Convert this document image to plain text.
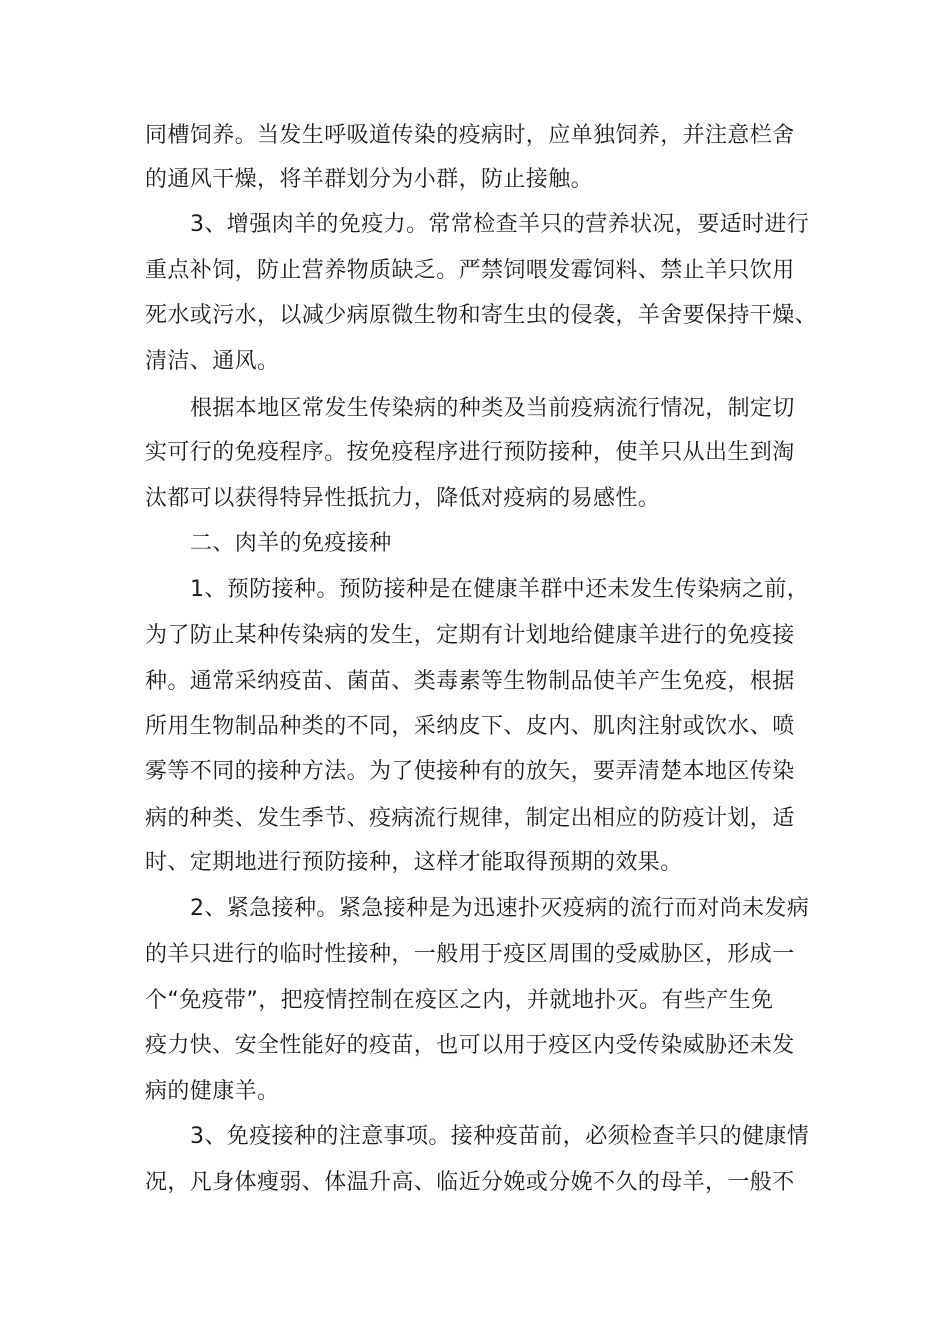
同槽饲养。当发生呼吸道传染的疫病时，应单独饲养，并注意栏舍

的通风干燥，将羊群划分为小群，防止接触。

3、增强肉羊的免疫力。常常检查羊只的营养状况，要适时进行

重点补饲，防止营养物质缺乏。严禁饲喂发霉饲料、禁止羊只饮用

死水或污水，以减少病原微生物和寄生虫的侵袭，羊舍要保持干燥、

清洁、通风。

根据本地区常发生传染病的种类及当前疫病流行情况，制定切

实可行的免疫程序。按免疫程序进行预防接种，使羊只从出生到淘

汰都可以获得特异性抵抗力，降低对疫病的易感性。

二、肉羊的免疫接种

1、预防接种。预防接种是在健康羊群中还未发生传染病之前，

为了防止某种传染病的发生，定期有计划地给健康羊进行的免疫接

种。通常采纳疫苗、菌苗、类毒素等生物制品使羊产生免疫，根据

所用生物制品种类的不同，采纳皮下、皮内、肌肉注射或饮水、喷

雾等不同的接种方法。为了使接种有的放矢，要弄清楚本地区传染

病的种类、发生季节、疫病流行规律，制定出相应的防疫计划，适

时、定期地进行预防接种，这样才能取得预期的效果。

2、紧急接种。紧急接种是为迅速扑灭疫病的流行而对尚未发病

的羊只进行的临时性接种，一般用于疫区周围的受威胁区，形成一

个“免疫带”，把疫情控制在疫区之内，并就地扑灭。有些产生免

疫力快、安全性能好的疫苗，也可以用于疫区内受传染威胁还未发

病的健康羊。

3、免疫接种的注意事项。接种疫苗前，必须检查羊只的健康情

况，凡身体瘦弱、体温升高、临近分娩或分娩不久的母羊，一般不
